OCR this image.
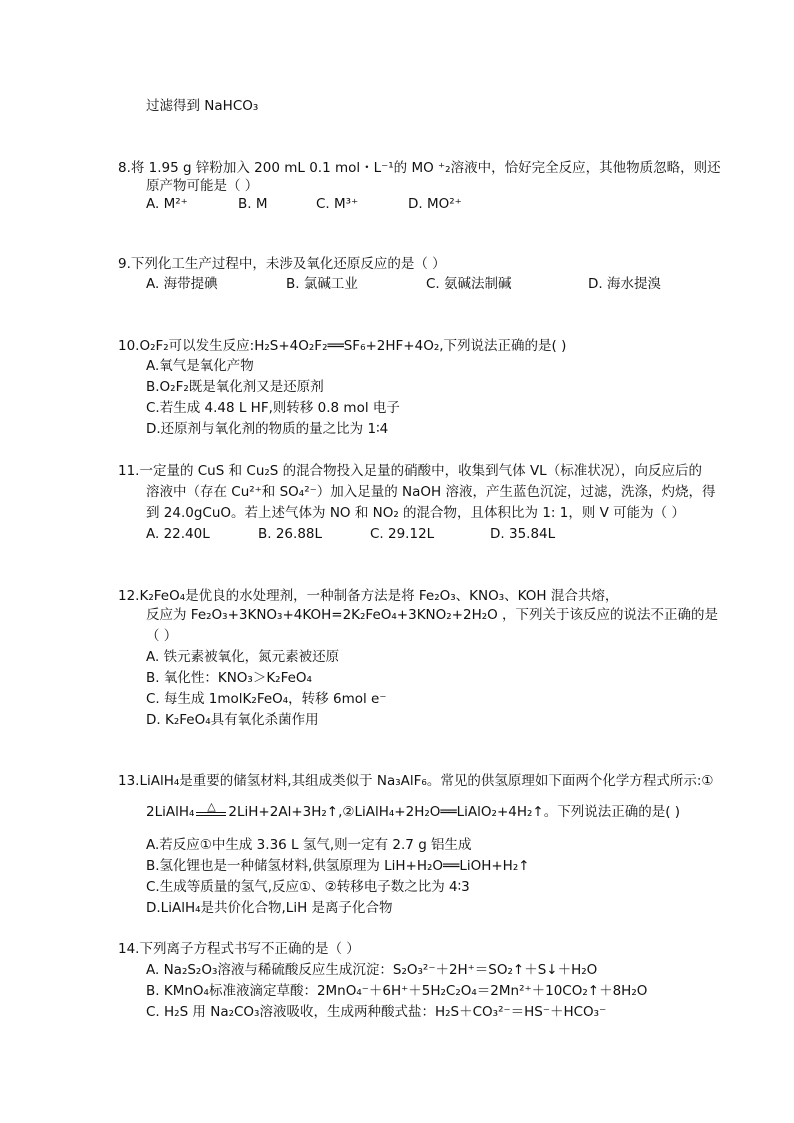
过滤得到 NaHCO₃
8.将 1.95 g 锌粉加入 200 mL 0.1 mol・L⁻¹的 MO ⁺₂溶液中，恰好完全反应，其他物质忽略，则还
原产物可能是（ ）
A. M²⁺	B. M	C. M³⁺	D. MO²⁺
9.下列化工生产过程中，未涉及氧化还原反应的是（ ）
A. 海带提碘	B. 氯碱工业	C. 氨碱法制碱	D. 海水提溴
10.O₂F₂可以发生反应:H₂S+4O₂F₂══SF₆+2HF+4O₂,下列说法正确的是( )
A.氧气是氧化产物
B.O₂F₂既是氧化剂又是还原剂
C.若生成 4.48 L HF,则转移 0.8 mol 电子
D.还原剂与氧化剂的物质的量之比为 1∶4
11.一定量的 CuS 和 Cu₂S 的混合物投入足量的硝酸中，收集到气体 VL（标准状况），向反应后的
溶液中（存在 Cu²⁺和 SO₄²⁻）加入足量的 NaOH 溶液，产生蓝色沉淀，过滤，洗涤，灼烧，得
到 24.0gCuO。若上述气体为 NO 和 NO₂ 的混合物，且体积比为 1: 1，则 V 可能为（ ）
A. 22.40L	B. 26.88L	C. 29.12L	D. 35.84L
12.K₂FeO₄是优良的水处理剂，一种制备方法是将 Fe₂O₃、KNO₃、KOH 混合共熔，
反应为 Fe₂O₃+3KNO₃+4KOH=2K₂FeO₄+3KNO₂+2H₂O ，下列关于该反应的说法不正确的是
（ ）
A. 铁元素被氧化，氮元素被还原
B. 氧化性：KNO₃＞K₂FeO₄
C. 每生成 1molK₂FeO₄，转移 6mol e⁻
D. K₂FeO₄具有氧化杀菌作用
13.LiAlH₄是重要的储氢材料,其组成类似于 Na₃AlF₆。常见的供氢原理如下面两个化学方程式所示:①
2LiAlH₄	△ 2LiH+2Al+3H₂↑,②LiAlH₄+2H₂O══LiAlO₂+4H₂↑。下列说法正确的是( )
A.若反应①中生成 3.36 L 氢气,则一定有 2.7 g 铝生成
B.氢化锂也是一种储氢材料,供氢原理为 LiH+H₂O══LiOH+H₂↑
C.生成等质量的氢气,反应①、②转移电子数之比为 4∶3
D.LiAlH₄是共价化合物,LiH 是离子化合物
14.下列离子方程式书写不正确的是（ ）
A. Na₂S₂O₃溶液与稀硫酸反应生成沉淀：S₂O₃²⁻＋2H⁺＝SO₂↑＋S↓＋H₂O
B. KMnO₄标准液滴定草酸：2MnO₄⁻＋6H⁺＋5H₂C₂O₄＝2Mn²⁺＋10CO₂↑＋8H₂O
C. H₂S 用 Na₂CO₃溶液吸收，生成两种酸式盐：H₂S＋CO₃²⁻＝HS⁻＋HCO₃⁻
